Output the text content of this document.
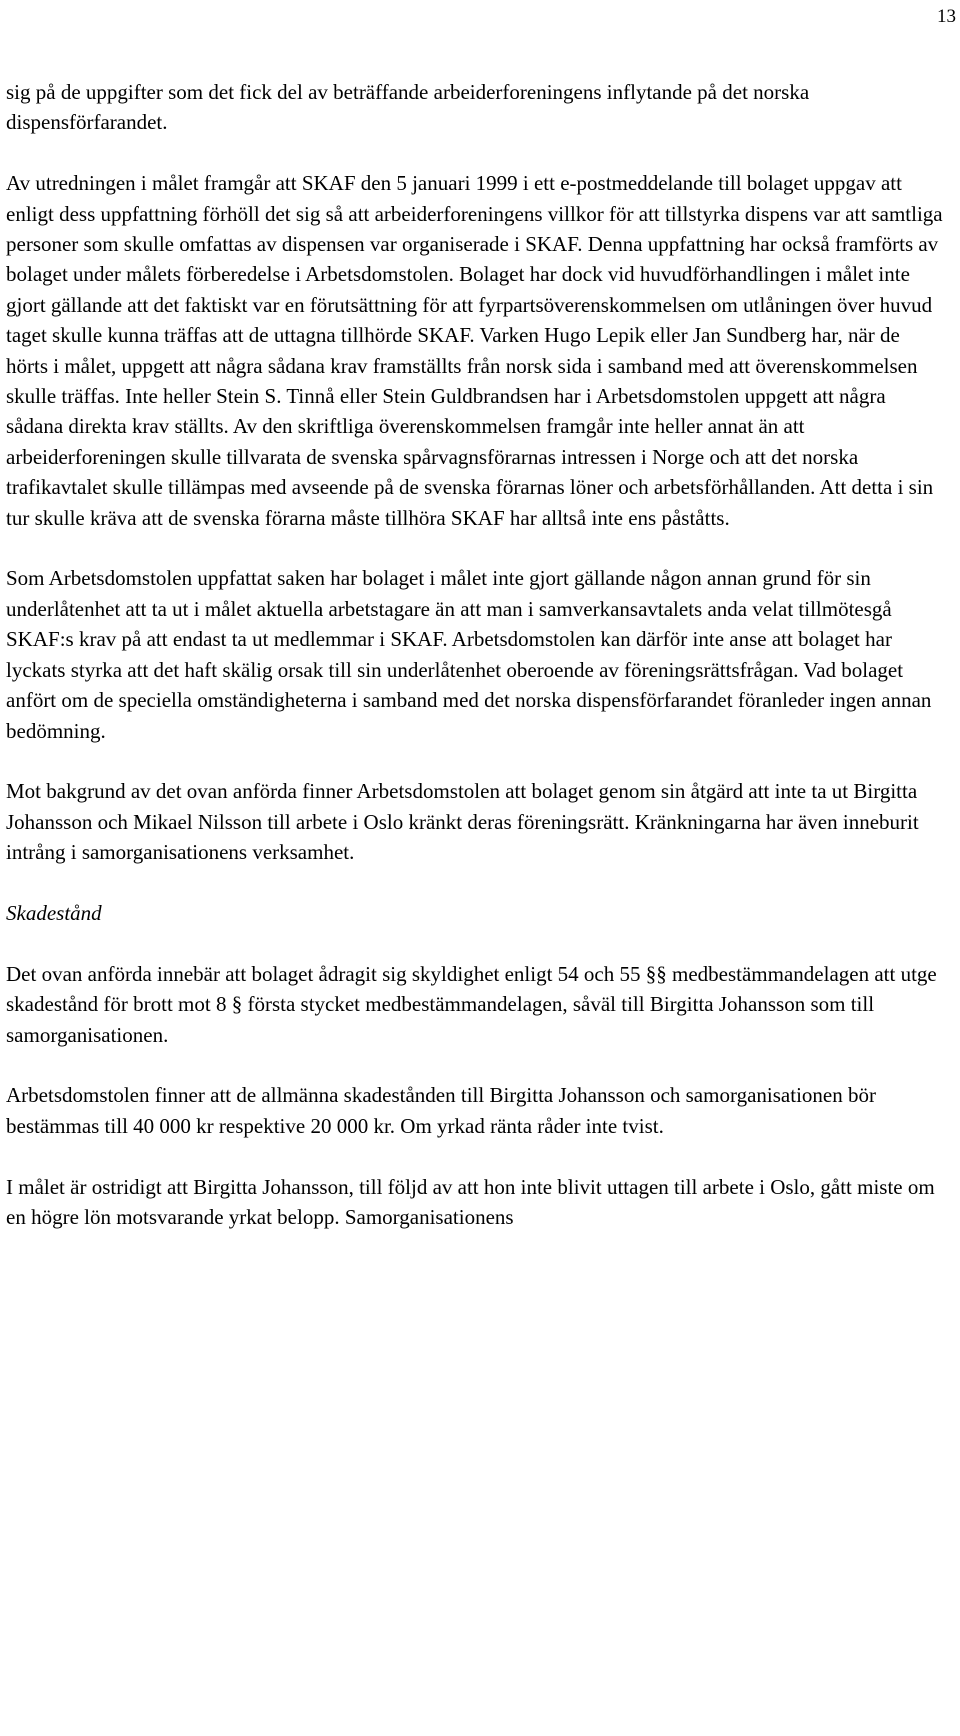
13

sig på de uppgifter som det fick del av beträffande arbeiderforeningens inflytande på det norska dispensförfarandet.

Av utredningen i målet framgår att SKAF den 5 januari 1999 i ett e-postmeddelande till bolaget uppgav att enligt dess uppfattning förhöll det sig så att arbeiderforeningens villkor för att tillstyrka dispens var att samtliga personer som skulle omfattas av dispensen var organiserade i SKAF. Denna uppfattning har också framförts av bolaget under målets förberedelse i Arbetsdomstolen. Bolaget har dock vid huvudförhandlingen i målet inte gjort gällande att det faktiskt var en förutsättning för att fyrpartsöverenskommelsen om utlåningen över huvud taget skulle kunna träffas att de uttagna tillhörde SKAF. Varken Hugo Lepik eller Jan Sundberg har, när de hörts i målet, uppgett att några sådana krav framställts från norsk sida i samband med att överenskommelsen skulle träffas. Inte heller Stein S. Tinnå eller Stein Guldbrandsen har i Arbetsdomstolen uppgett att några sådana direkta krav ställts. Av den skriftliga överenskommelsen framgår inte heller annat än att arbeiderforeningen skulle tillvarata de svenska spårvagnsförarnas intressen i Norge och att det norska trafikavtalet skulle tillämpas med avseende på de svenska förarnas löner och arbetsförhållanden. Att detta i sin tur skulle kräva att de svenska förarna måste tillhöra SKAF har alltså inte ens påståtts.

Som Arbetsdomstolen uppfattat saken har bolaget i målet inte gjort gällande någon annan grund för sin underlåtenhet att ta ut i målet aktuella arbetstagare än att man i samverkansavtalets anda velat tillmötesgå SKAF:s krav på att endast ta ut medlemmar i SKAF. Arbetsdomstolen kan därför inte anse att bolaget har lyckats styrka att det haft skälig orsak till sin underlåtenhet oberoende av föreningsrättsfrågan. Vad bolaget anfört om de speciella omständigheterna i samband med det norska dispensförfarandet föranleder ingen annan bedömning.

Mot bakgrund av det ovan anförda finner Arbetsdomstolen att bolaget genom sin åtgärd att inte ta ut Birgitta Johansson och Mikael Nilsson till arbete i Oslo kränkt deras föreningsrätt. Kränkningarna har även inneburit intrång i samorganisationens verksamhet.

Skadestånd

Det ovan anförda innebär att bolaget ådragit sig skyldighet enligt 54 och 55 §§ medbestämmandelagen att utge skadestånd för brott mot 8 § första stycket medbestämmandelagen, såväl till Birgitta Johansson som till samorganisationen.

Arbetsdomstolen finner att de allmänna skadestånden till Birgitta Johansson och samorganisationen bör bestämmas till 40 000 kr respektive 20 000 kr. Om yrkad ränta råder inte tvist.

I målet är ostridigt att Birgitta Johansson, till följd av att hon inte blivit uttagen till arbete i Oslo, gått miste om en högre lön motsvarande yrkat belopp. Samorganisationens
